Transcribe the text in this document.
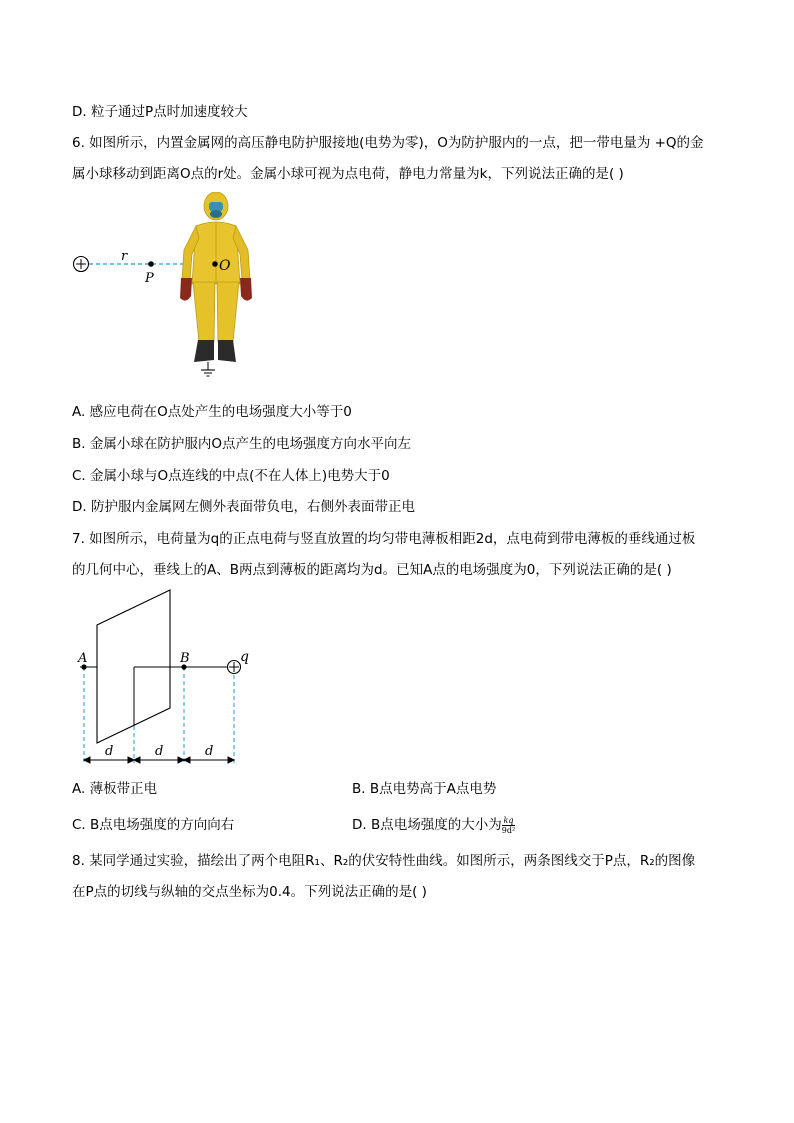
D. 粒子通过P点时加速度较大
6. 如图所示，内置金属网的高压静电防护服接地(电势为零)，O为防护服内的一点，把一带电量为 +Q的金
属小球移动到距离O点的r处。金属小球可视为点电荷，静电力常量为k，下列说法正确的是( )
r
P
O
A. 感应电荷在O点处产生的电场强度大小等于0
B. 金属小球在防护服内O点产生的电场强度方向水平向左
C. 金属小球与O点连线的中点(不在人体上)电势大于0
D. 防护服内金属网左侧外表面带负电，右侧外表面带正电
7. 如图所示，电荷量为q的正点电荷与竖直放置的均匀带电薄板相距2d，点电荷到带电薄板的垂线通过板
的几何中心，垂线上的A、B两点到薄板的距离均为d。已知A点的电场强度为0，下列说法正确的是( )
A	B	q
d	d	d
A. 薄板带正电	B. B点电势高于A点电势
C. B点电场强度的方向向右	D. B点电场强度的大小为 $\frac{kq}{\text{9d²}}$
8. 某同学通过实验，描绘出了两个电阻R₁、R₂的伏安特性曲线。如图所示，两条图线交于P点，R₂的图像
在P点的切线与纵轴的交点坐标为0.4。下列说法正确的是( )
